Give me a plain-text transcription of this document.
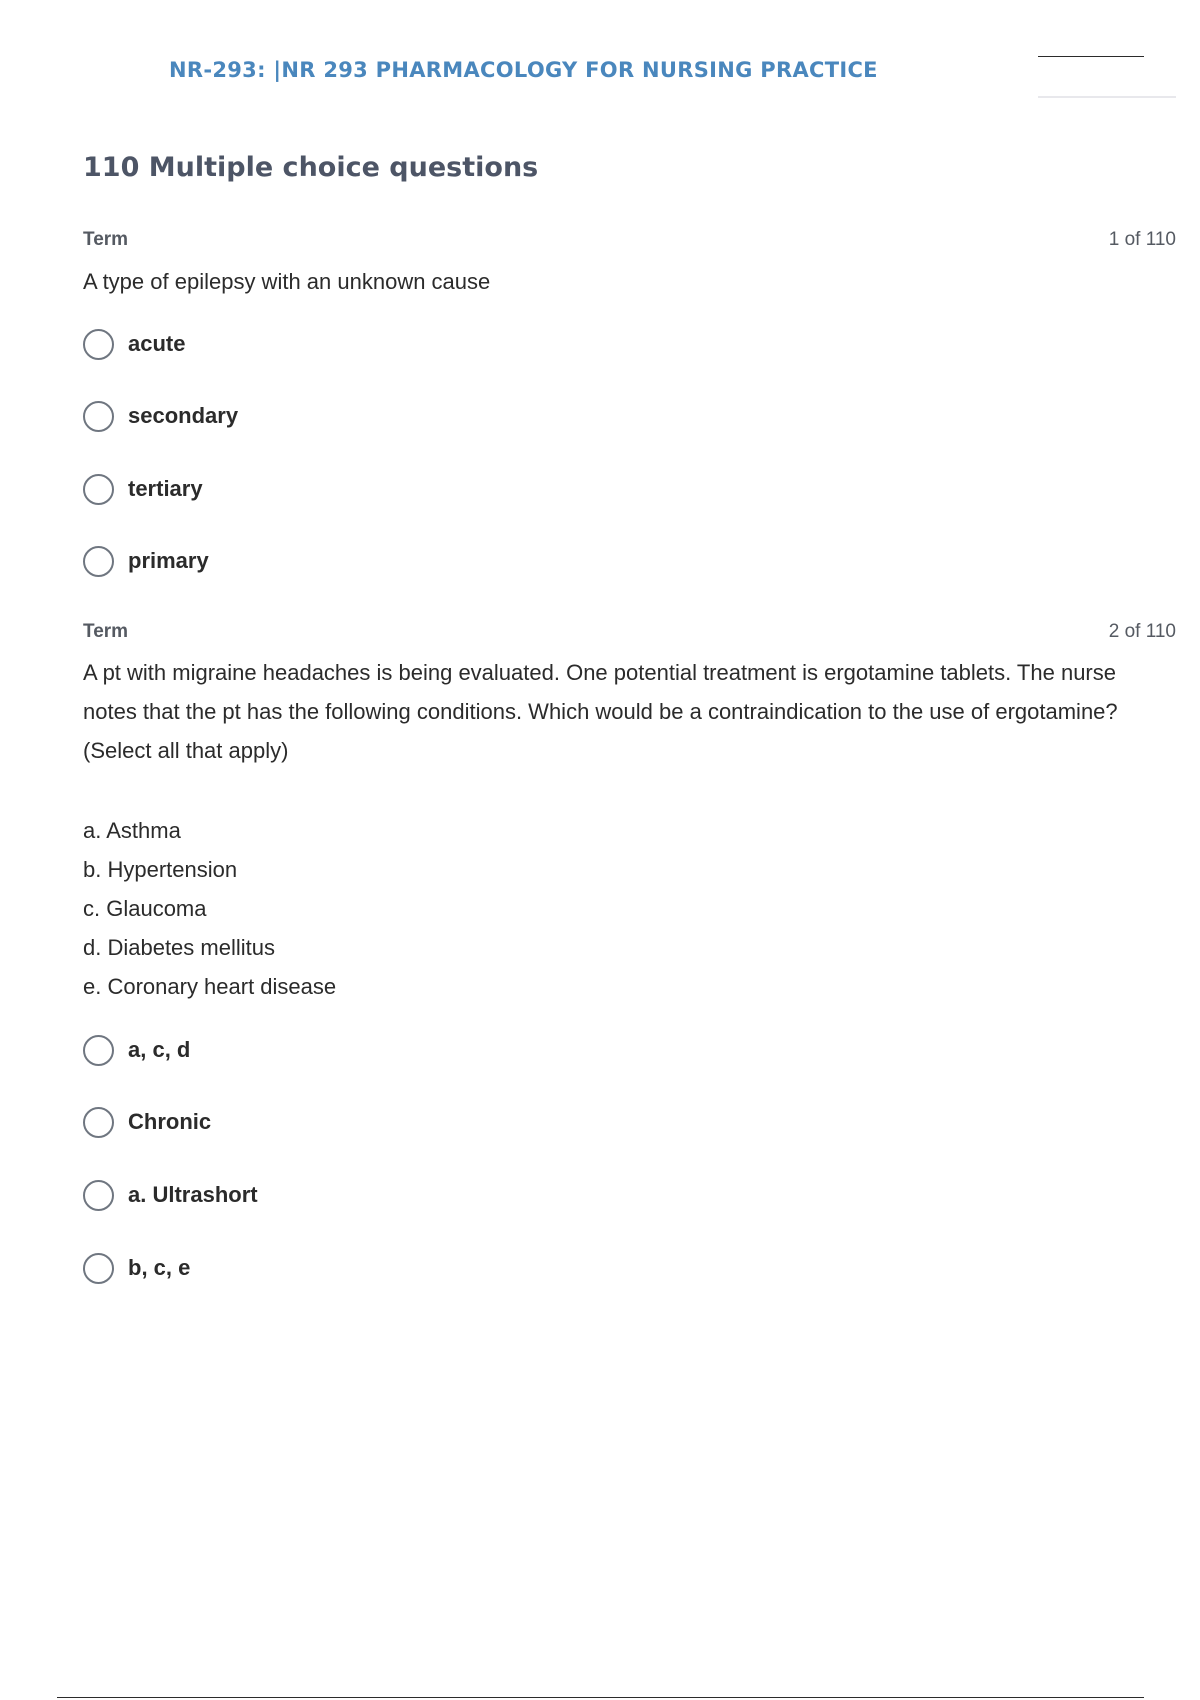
NR-293: |NR 293 PHARMACOLOGY FOR NURSING PRACTICE
110 Multiple choice questions
Term	1 of 110

A type of epilepsy with an unknown cause

acute
secondary
tertiary
primary
Term	2 of 110

A pt with migraine headaches is being evaluated. One potential treatment is ergotamine tablets. The nurse notes that the pt has the following conditions. Which would be a contraindication to the use of ergotamine? (Select all that apply)

a. Asthma
b. Hypertension
c. Glaucoma
d. Diabetes mellitus
e. Coronary heart disease
a, c, d
Chronic
a. Ultrashort
b, c, e
